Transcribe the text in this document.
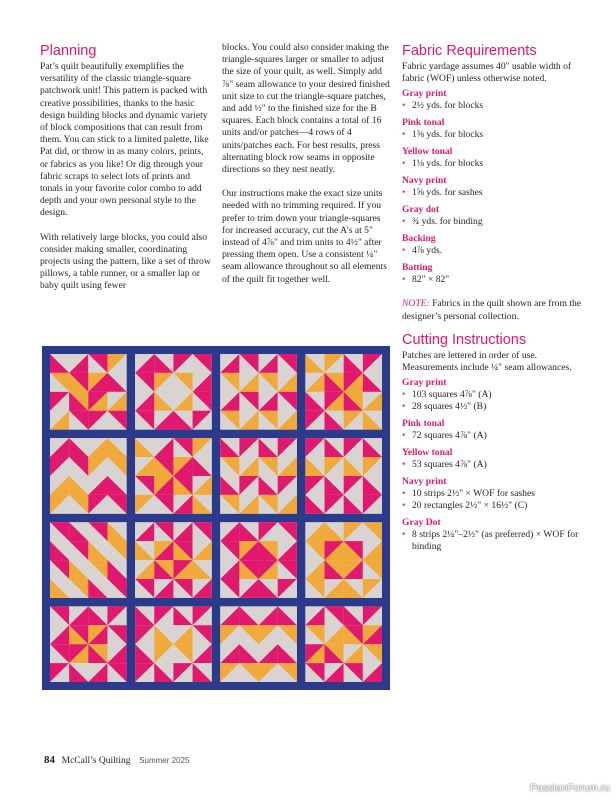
Planning

Pat’s quilt beautifully exemplifies the versatility of the classic triangle-square patchwork unit! This pattern is packed with creative possibilities, thanks to the basic design building blocks and dynamic variety of block compositions that can result from them. You can stick to a limited palette, like Pat did, or throw in as many colors, prints, or fabrics as you like! Or dig through your fabric scraps to select lots of prints and tonals in your favorite color combo to add depth and your own personal style to the design.

With relatively large blocks, you could also consider making smaller, coordinating projects using the pattern, like a set of throw pillows, a table runner, or a smaller lap or baby quilt using fewer

blocks. You could also consider making the triangle-squares larger or smaller to adjust the size of your quilt, as well. Simply add ⅞" seam allowance to your desired finished unit size to cut the triangle-square patches, and add ½" to the finished size for the B squares. Each block contains a total of 16 units and/or patches—4 rows of 4 units/patches each. For best results, press alternating block row seams in opposite directions so they nest neatly.

Our instructions make the exact size units needed with no trimming required. If you prefer to trim down your triangle-squares for increased accuracy, cut the A’s at 5" instead of 4⅞" and trim units to 4½" after pressing them open. Use a consistent ¼" seam allowance throughout so all elements of the quilt fit together well.

Fabric Requirements

Fabric yardage assumes 40" usable width of fabric (WOF) unless otherwise noted.

Gray print
• 2½ yds. for blocks
Pink tonal
• 1⅜ yds. for blocks
Yellow tonal
• 1⅛ yds. for blocks
Navy print
• 1⅝ yds. for sashes
Gray dot
• ¾ yds. for binding
Backing
• 4⅞ yds.
Batting
• 82" × 82"

NOTE: Fabrics in the quilt shown are from the designer’s personal collection.

Cutting Instructions

Patches are lettered in order of use. Measurements include ¼" seam allowances.

Gray print
• 103 squares 4⅞" (A)
• 28 squares 4½" (B)
Pink tonal
• 72 squares 4⅞" (A)
Yellow tonal
• 53 squares 4⅞" (A)
Navy print
• 10 strips 2½" × WOF for sashes
• 20 rectangles 2½" × 16½" (C)
Gray Dot
• 8 strips 2¼"–2½" (as preferred) × WOF for binding
84 McCall’s Quilting Summer 2025
PassionForum.ru
